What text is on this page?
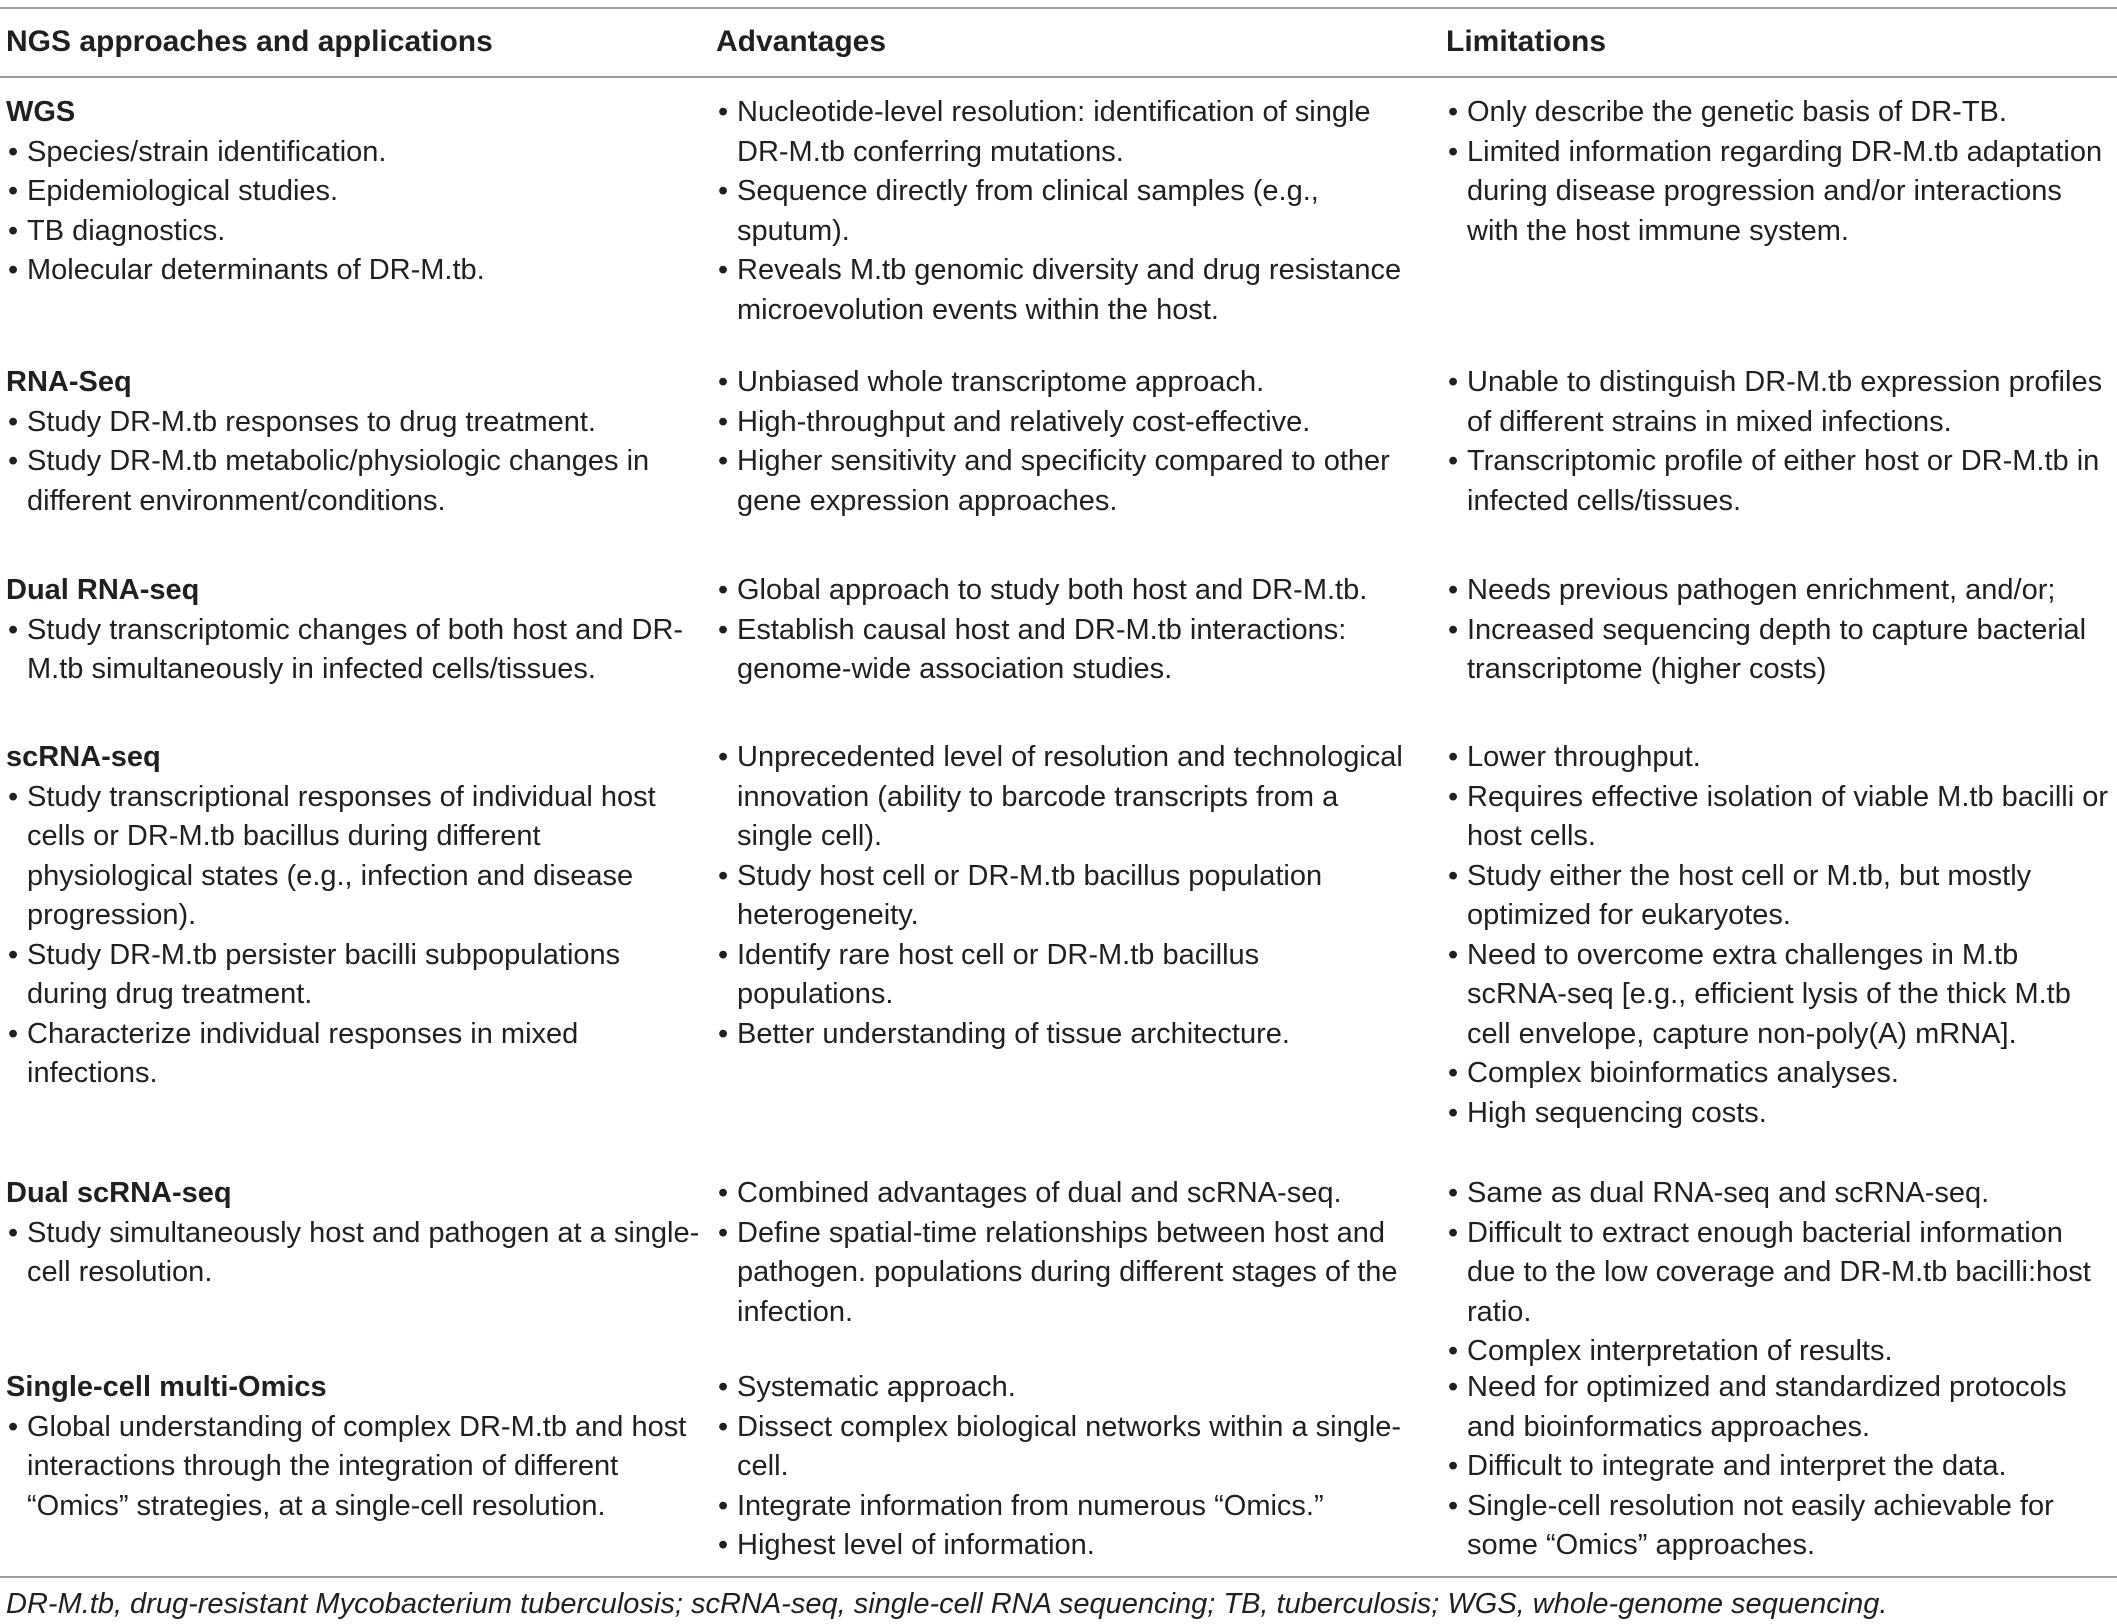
NGS approaches and applications	Advantages	Limitations
WGS
• Species/strain identification.
• Epidemiological studies.
• TB diagnostics.
• Molecular determinants of DR-M.tb.
• Nucleotide-level resolution: identification of single DR-M.tb conferring mutations.
• Sequence directly from clinical samples (e.g., sputum).
• Reveals M.tb genomic diversity and drug resistance microevolution events within the host.
• Only describe the genetic basis of DR-TB.
• Limited information regarding DR-M.tb adaptation during disease progression and/or interactions with the host immune system.
RNA-Seq
• Study DR-M.tb responses to drug treatment.
• Study DR-M.tb metabolic/physiologic changes in different environment/conditions.
• Unbiased whole transcriptome approach.
• High-throughput and relatively cost-effective.
• Higher sensitivity and specificity compared to other gene expression approaches.
• Unable to distinguish DR-M.tb expression profiles of different strains in mixed infections.
• Transcriptomic profile of either host or DR-M.tb in infected cells/tissues.
Dual RNA-seq
• Study transcriptomic changes of both host and DR-M.tb simultaneously in infected cells/tissues.
• Global approach to study both host and DR-M.tb.
• Establish causal host and DR-M.tb interactions: genome-wide association studies.
• Needs previous pathogen enrichment, and/or;
• Increased sequencing depth to capture bacterial transcriptome (higher costs)
scRNA-seq
• Study transcriptional responses of individual host cells or DR-M.tb bacillus during different physiological states (e.g., infection and disease progression).
• Study DR-M.tb persister bacilli subpopulations during drug treatment.
• Characterize individual responses in mixed infections.
• Unprecedented level of resolution and technological innovation (ability to barcode transcripts from a single cell).
• Study host cell or DR-M.tb bacillus population heterogeneity.
• Identify rare host cell or DR-M.tb bacillus populations.
• Better understanding of tissue architecture.
• Lower throughput.
• Requires effective isolation of viable M.tb bacilli or host cells.
• Study either the host cell or M.tb, but mostly optimized for eukaryotes.
• Need to overcome extra challenges in M.tb scRNA-seq [e.g., efficient lysis of the thick M.tb cell envelope, capture non-poly(A) mRNA].
• Complex bioinformatics analyses.
• High sequencing costs.
Dual scRNA-seq
• Study simultaneously host and pathogen at a single-cell resolution.
• Combined advantages of dual and scRNA-seq.
• Define spatial-time relationships between host and pathogen. populations during different stages of the infection.
• Same as dual RNA-seq and scRNA-seq.
• Difficult to extract enough bacterial information due to the low coverage and DR-M.tb bacilli:host ratio.
• Complex interpretation of results.
Single-cell multi-Omics
• Global understanding of complex DR-M.tb and host interactions through the integration of different “Omics” strategies, at a single-cell resolution.
• Systematic approach.
• Dissect complex biological networks within a single-cell.
• Integrate information from numerous “Omics.”
• Highest level of information.
• Need for optimized and standardized protocols and bioinformatics approaches.
• Difficult to integrate and interpret the data.
• Single-cell resolution not easily achievable for some “Omics” approaches.
DR-M.tb, drug-resistant Mycobacterium tuberculosis; scRNA-seq, single-cell RNA sequencing; TB, tuberculosis; WGS, whole-genome sequencing.
